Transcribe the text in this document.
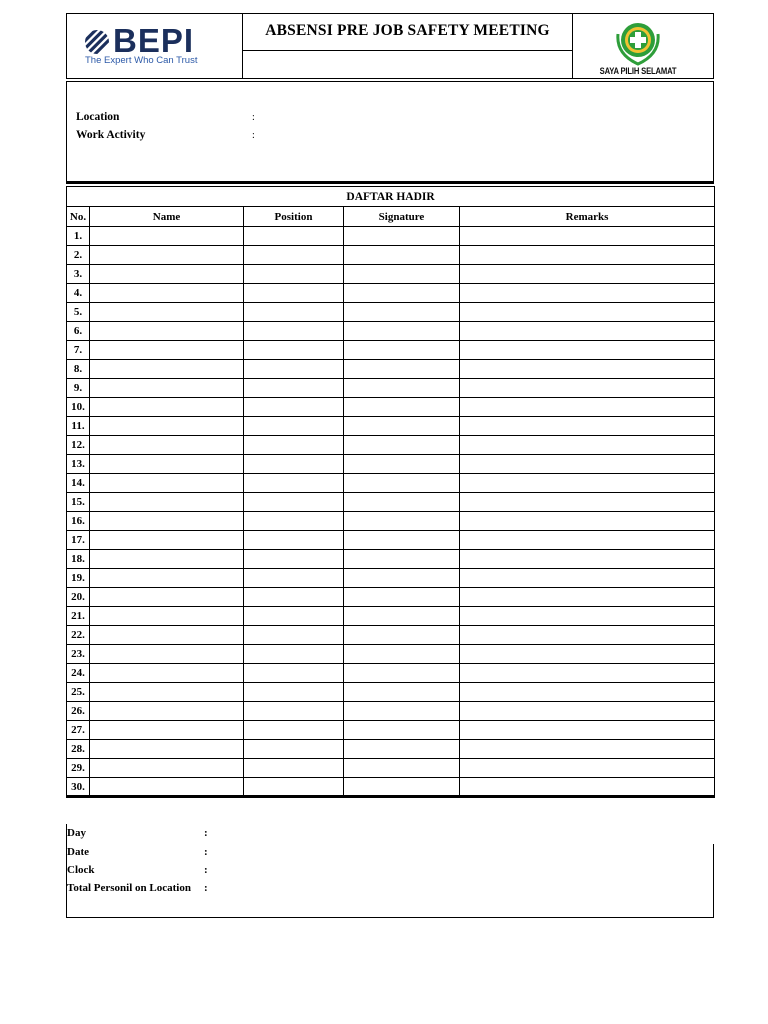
ABSENSI PRE JOB SAFETY MEETING
BEPI
The Expert Who Can Trust
SAYA PILIH SELAMAT
Location	:
Work Activity	:
DAFTAR HADIR				
No.	Name	Position	Signature	Remarks
1.				
2.				
3.				
4.				
5.				
6.				
7.				
8.				
9.				
10.				
11.				
12.				
13.				
14.				
15.				
16.				
17.				
18.				
19.				
20.				
21.				
22.				
23.				
24.				
25.				
26.				
27.				
28.				
29.				
30.				
Day	:
Date	:
Clock	:
Total Personil on Location :
